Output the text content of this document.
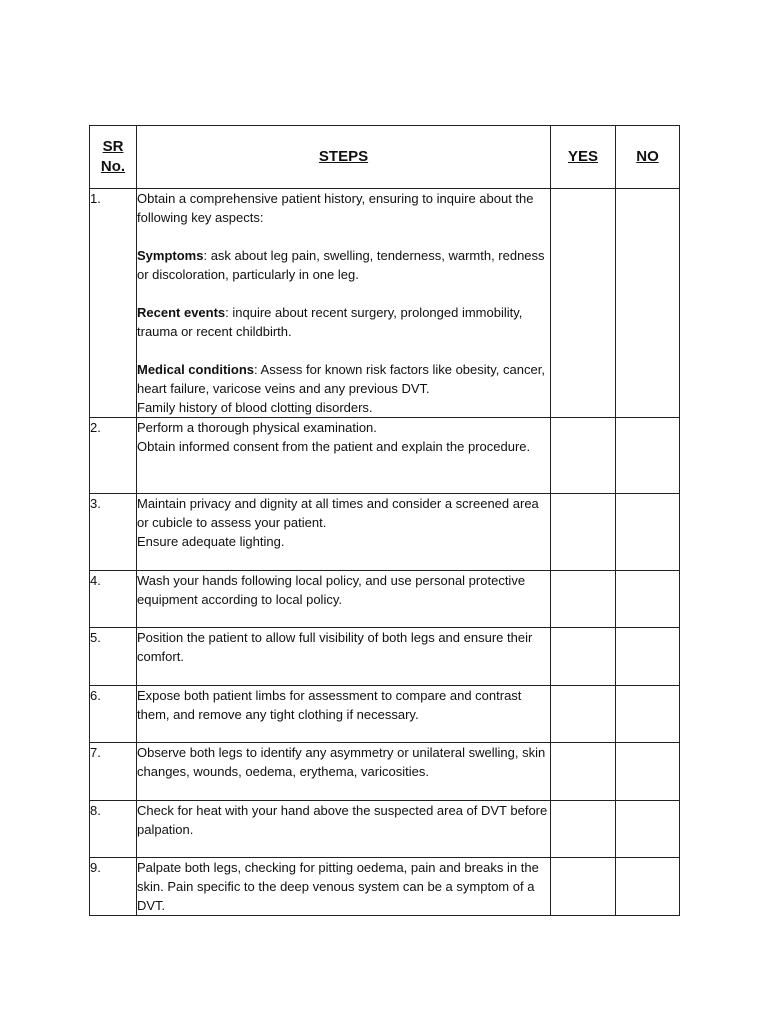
SR
No.	STEPS	YES	NO
1.	Obtain a comprehensive patient history, ensuring to inquire about the following key aspects:
Symptoms: ask about leg pain, swelling, tenderness, warmth, redness or discoloration, particularly in one leg.
Recent events: inquire about recent surgery, prolonged immobility, trauma or recent childbirth.
Medical conditions: Assess for known risk factors like obesity, cancer, heart failure, varicose veins and any previous DVT.
Family history of blood clotting disorders.		

2.	Perform a thorough physical examination.
Obtain informed consent from the patient and explain the procedure.		

3.	Maintain privacy and dignity at all times and consider a screened area or cubicle to assess your patient.
Ensure adequate lighting.		

4.	Wash your hands following local policy, and use personal protective equipment according to local policy.		
5.	Position the patient to allow full visibility of both legs and ensure their comfort.		
6.	Expose both patient limbs for assessment to compare and contrast them, and remove any tight clothing if necessary.		
7.	Observe both legs to identify any asymmetry or unilateral swelling, skin changes, wounds, oedema, erythema, varicosities.		
8.	Check for heat with your hand above the suspected area of DVT before palpation.		
9.	Palpate both legs, checking for pitting oedema, pain and breaks in the skin. Pain specific to the deep venous system can be a symptom of a DVT.		
